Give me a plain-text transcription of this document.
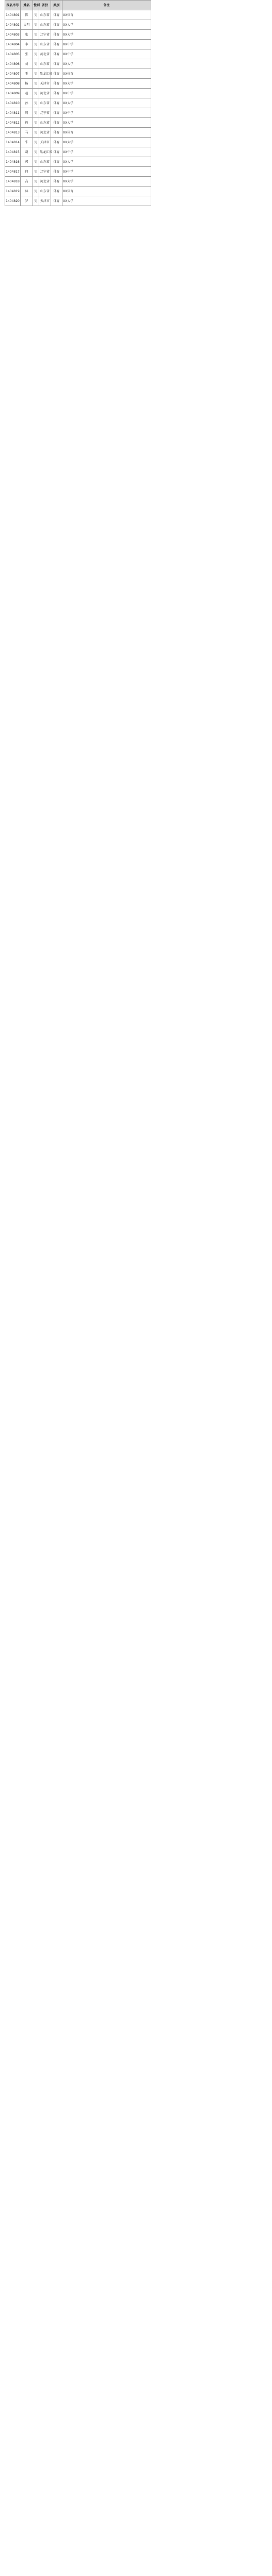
报名序号	姓名	性别	省份	类别	备注
1404801	陈	男	山东省	体育	XX体育
1404802	吴明	男	山东省	体育	XX大学
1404803	张	男	辽宁省	体育	XX大学
1404804	李	男	山东省	体育	XX中学
1404805	张	男	河北省	体育	XX中学
1404806	刘	男	山东省	体育	XX大学
1404807	王	男	黑龙江省	体育	XX体育
1404808	杨	男	天津市	体育	XX大学
1404809	赵	男	河北省	体育	XX中学
1404810	孙	男	山东省	体育	XX大学
1404811	周	男	辽宁省	体育	XX中学
1404812	徐	男	山东省	体育	XX大学
1404813	马	男	河北省	体育	XX体育
1404814	朱	男	天津市	体育	XX大学
1404815	胡	男	黑龙江省	体育	XX中学
1404816	郭	男	山东省	体育	XX大学
1404817	何	男	辽宁省	体育	XX中学
1404818	高	男	河北省	体育	XX大学
1404819	林	男	山东省	体育	XX体育
1404820	罗	男	天津市	体育	XX大学
